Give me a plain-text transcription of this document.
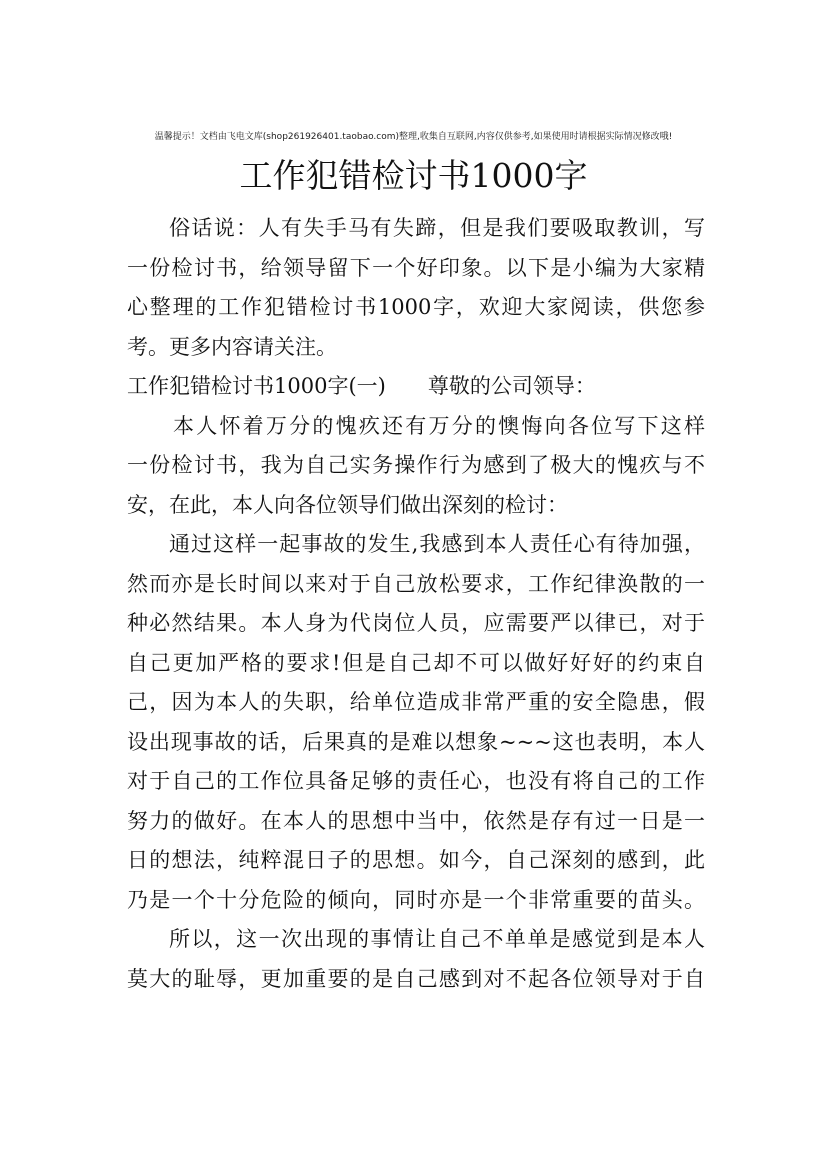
温馨提示！文档由飞电文库(shop261926401.taobao.com)整理,收集自互联网,内容仅供参考,如果使用时请根据实际情况修改哦!
工作犯错检讨书1000字
俗话说：人有失手马有失蹄，但是我们要吸取教训，写
一份检讨书，给领导留下一个好印象。以下是小编为大家精
心整理的工作犯错检讨书1000字，欢迎大家阅读，供您参
考。更多内容请关注。
工作犯错检讨书1000字(一) 尊敬的公司领导：
本人怀着万分的愧疚还有万分的懊悔向各位写下这样
一份检讨书，我为自己实务操作行为感到了极大的愧疚与不
安，在此，本人向各位领导们做出深刻的检讨：
通过这样一起事故的发生,我感到本人责任心有待加强，
然而亦是长时间以来对于自己放松要求，工作纪律涣散的一
种必然结果。本人身为代岗位人员，应需要严以律已，对于
自己更加严格的要求!但是自己却不可以做好好好的约束自
己，因为本人的失职，给单位造成非常严重的安全隐患，假
设出现事故的话，后果真的是难以想象~~~这也表明，本人
对于自己的工作位具备足够的责任心，也没有将自己的工作
努力的做好。在本人的思想中当中，依然是存有过一日是一
日的想法，纯粹混日子的思想。如今，自己深刻的感到，此
乃是一个十分危险的倾向，同时亦是一个非常重要的苗头。
所以，这一次出现的事情让自己不单单是感觉到是本人
莫大的耻辱，更加重要的是自己感到对不起各位领导对于自
